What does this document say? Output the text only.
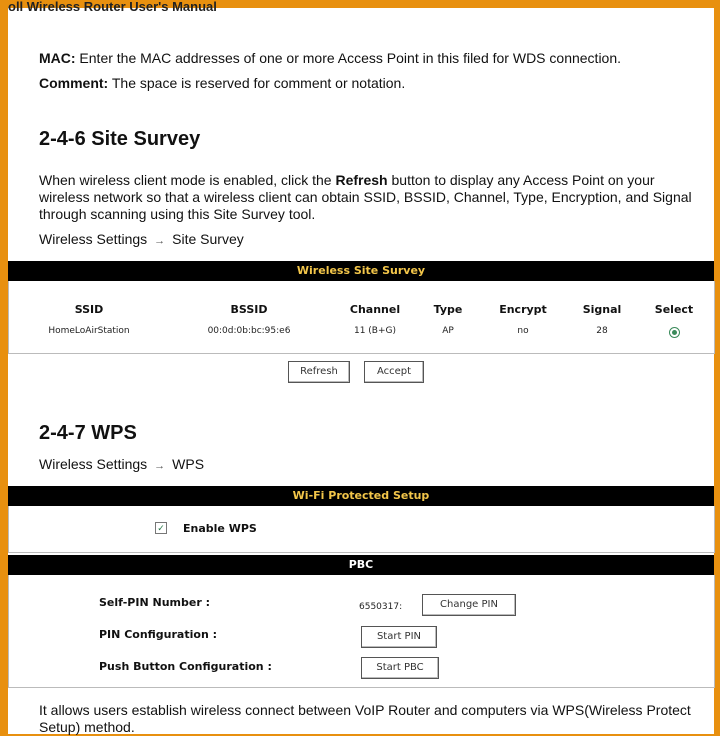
oll Wireless Router User's Manual
MAC: Enter the MAC addresses of one or more Access Point in this filed for WDS connection.
Comment: The space is reserved for comment or notation.
2-4-6 Site Survey
When wireless client mode is enabled, click the Refresh button to display any Access Point on your
wireless network so that a wireless client can obtain SSID, BSSID, Channel, Type, Encryption, and Signal
through scanning using this Site Survey tool.
Wireless Settings → Site Survey
Wireless Site Survey
SSID	BSSID	Channel	Type	Encrypt	Signal	Select
HomeLoAirStation	00:0d:0b:bc:95:e6	11 (B+G)	AP	no	28
Refresh	Accept
2-4-7 WPS
Wireless Settings → WPS
Wi-Fi Protected Setup
✓ Enable WPS
PBC
Self-PIN Number :	6550317:	Change PIN
PIN Configuration :	Start PIN
Push Button Configuration :	Start PBC
It allows users establish wireless connect between VoIP Router and computers via WPS(Wireless Protect
Setup) method.
